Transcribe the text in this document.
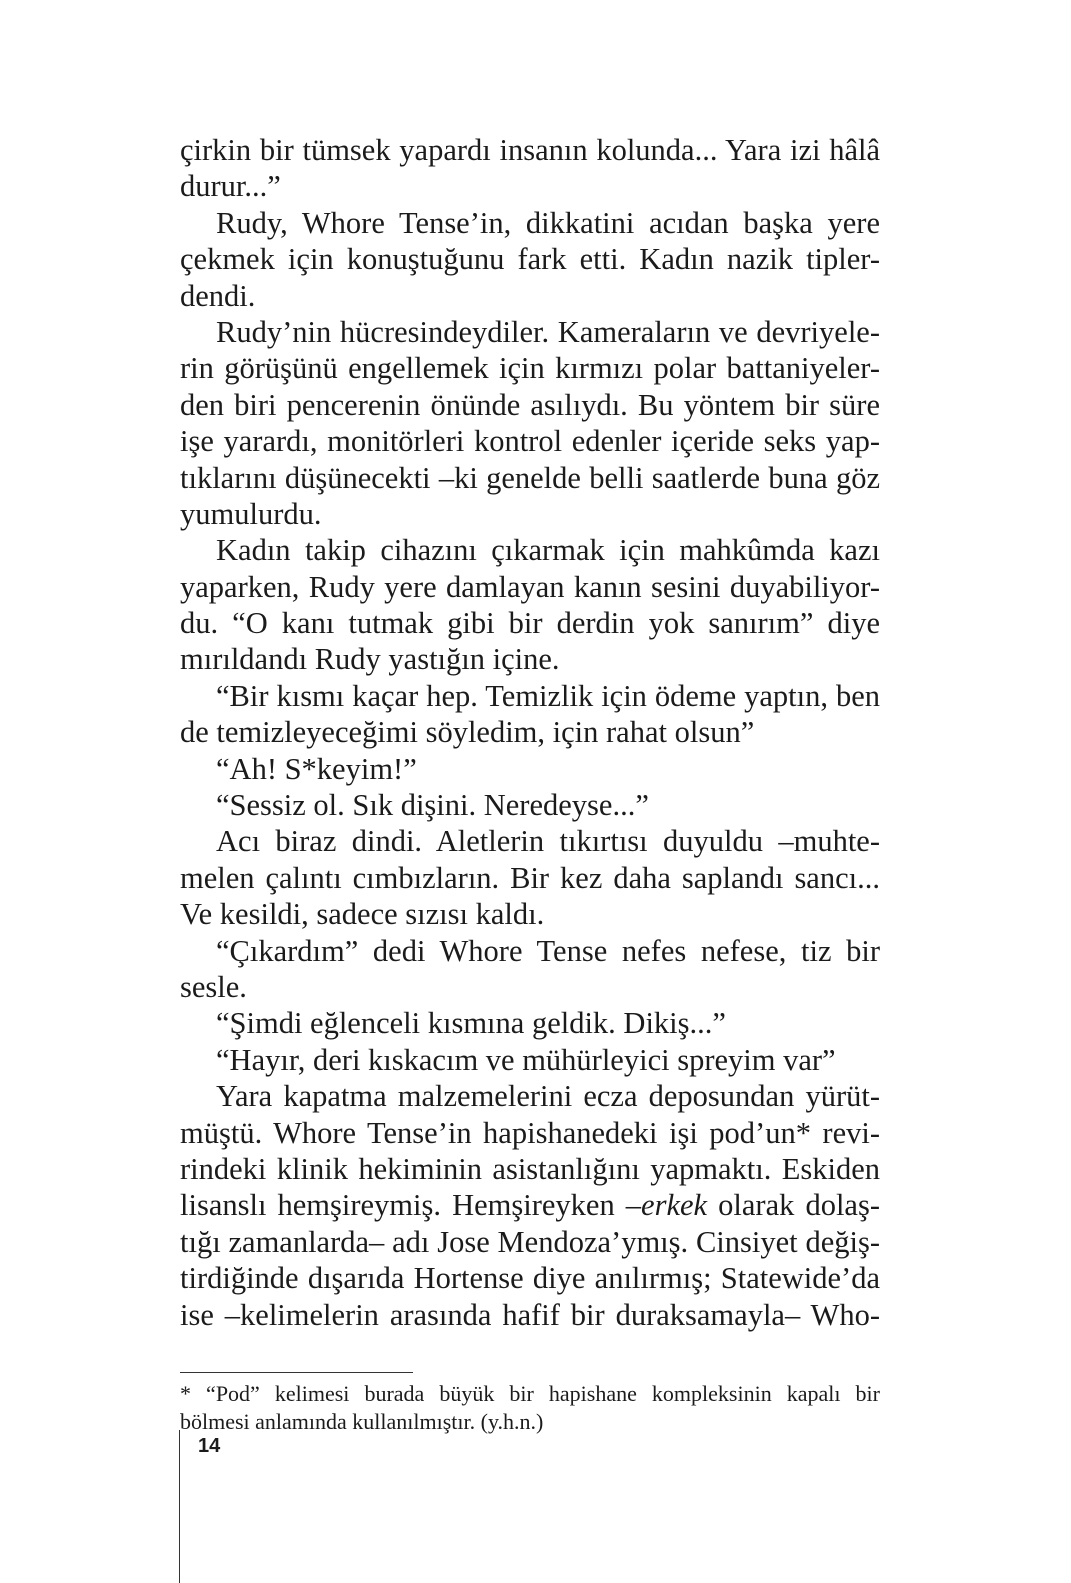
çirkin bir tümsek yapardı insanın kolunda... Yara izi hâlâ
durur...”
Rudy, Whore Tense’in, dikkatini acıdan başka yere
çekmek için konuştuğunu fark etti. Kadın nazik tipler-
dendi.
Rudy’nin hücresindeydiler. Kameraların ve devriyele-
rin görüşünü engellemek için kırmızı polar battaniyeler-
den biri pencerenin önünde asılıydı. Bu yöntem bir süre
işe yarardı, monitörleri kontrol edenler içeride seks yap-
tıklarını düşünecekti –ki genelde belli saatlerde buna göz
yumulurdu.
Kadın takip cihazını çıkarmak için mahkûmda kazı
yaparken, Rudy yere damlayan kanın sesini duyabiliyor-
du. “O kanı tutmak gibi bir derdin yok sanırım” diye
mırıldandı Rudy yastığın içine.
“Bir kısmı kaçar hep. Temizlik için ödeme yaptın, ben
de temizleyeceğimi söyledim, için rahat olsun”
“Ah! S*keyim!”
“Sessiz ol. Sık dişini. Neredeyse...”
Acı biraz dindi. Aletlerin tıkırtısı duyuldu –muhte-
melen çalıntı cımbızların. Bir kez daha saplandı sancı...
Ve kesildi, sadece sızısı kaldı.
“Çıkardım” dedi Whore Tense nefes nefese, tiz bir
sesle.
“Şimdi eğlenceli kısmına geldik. Dikiş...”
“Hayır, deri kıskacım ve mühürleyici spreyim var”
Yara kapatma malzemelerini ecza deposundan yürüt-
müştü. Whore Tense’in hapishanedeki işi pod’un* revi-
rindeki klinik hekiminin asistanlığını yapmaktı. Eskiden
lisanslı hemşireymiş. Hemşireyken –erkek olarak dolaş-
tığı zamanlarda– adı Jose Mendoza’ymış. Cinsiyet değiş-
tirdiğinde dışarıda Hortense diye anılırmış; Statewide’da
ise –kelimelerin arasında hafif bir duraksamayla– Who-
* “Pod” kelimesi burada büyük bir hapishane kompleksinin kapalı bir
bölmesi anlamında kullanılmıştır. (y.h.n.)
14
